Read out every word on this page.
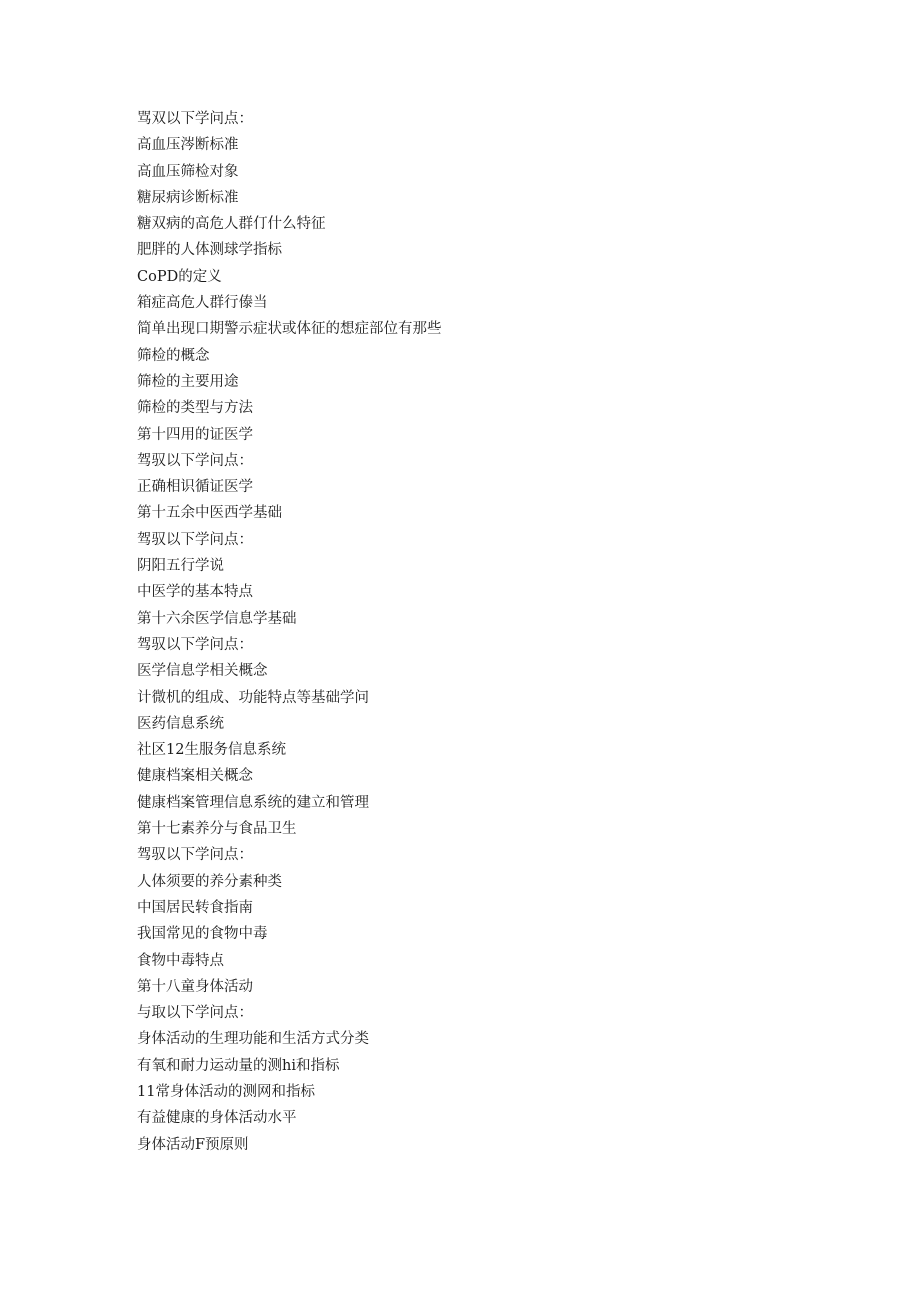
骂双以下学问点：
高血压涔断标准
高血压筛检对象
糖尿病诊断标准
糖双病的高危人群仃什么特征
肥胖的人体测球学指标
CoPD的定义
箱症高危人群行傣当
简单出现口期警示症状或体征的想症部位有那些
筛检的概念
筛检的主要用途
筛检的类型与方法
第十四用的证医学
驾驭以下学问点：
正确相识循证医学
第十五余中医西学基础
驾驭以下学问点：
阴阳五行学说
中医学的基本特点
第十六余医学信息学基础
驾驭以下学问点：
医学信息学相关概念
计微机的组成、功能特点等基础学问
医药信息系统
社区12生服务信息系统
健康档案相关概念
健康档案管理信息系统的建立和管理
第十七素养分与食品卫生
驾驭以下学问点：
人体须要的养分素种类
中国居民转食指南
我国常见的食物中毒
食物中毒特点
第十八童身体活动
与取以下学问点：
身体活动的生理功能和生活方式分类
有氧和耐力运动量的测hi和指标
11常身体活动的测网和指标
有益健康的身体活动水平
身体活动F预原则
